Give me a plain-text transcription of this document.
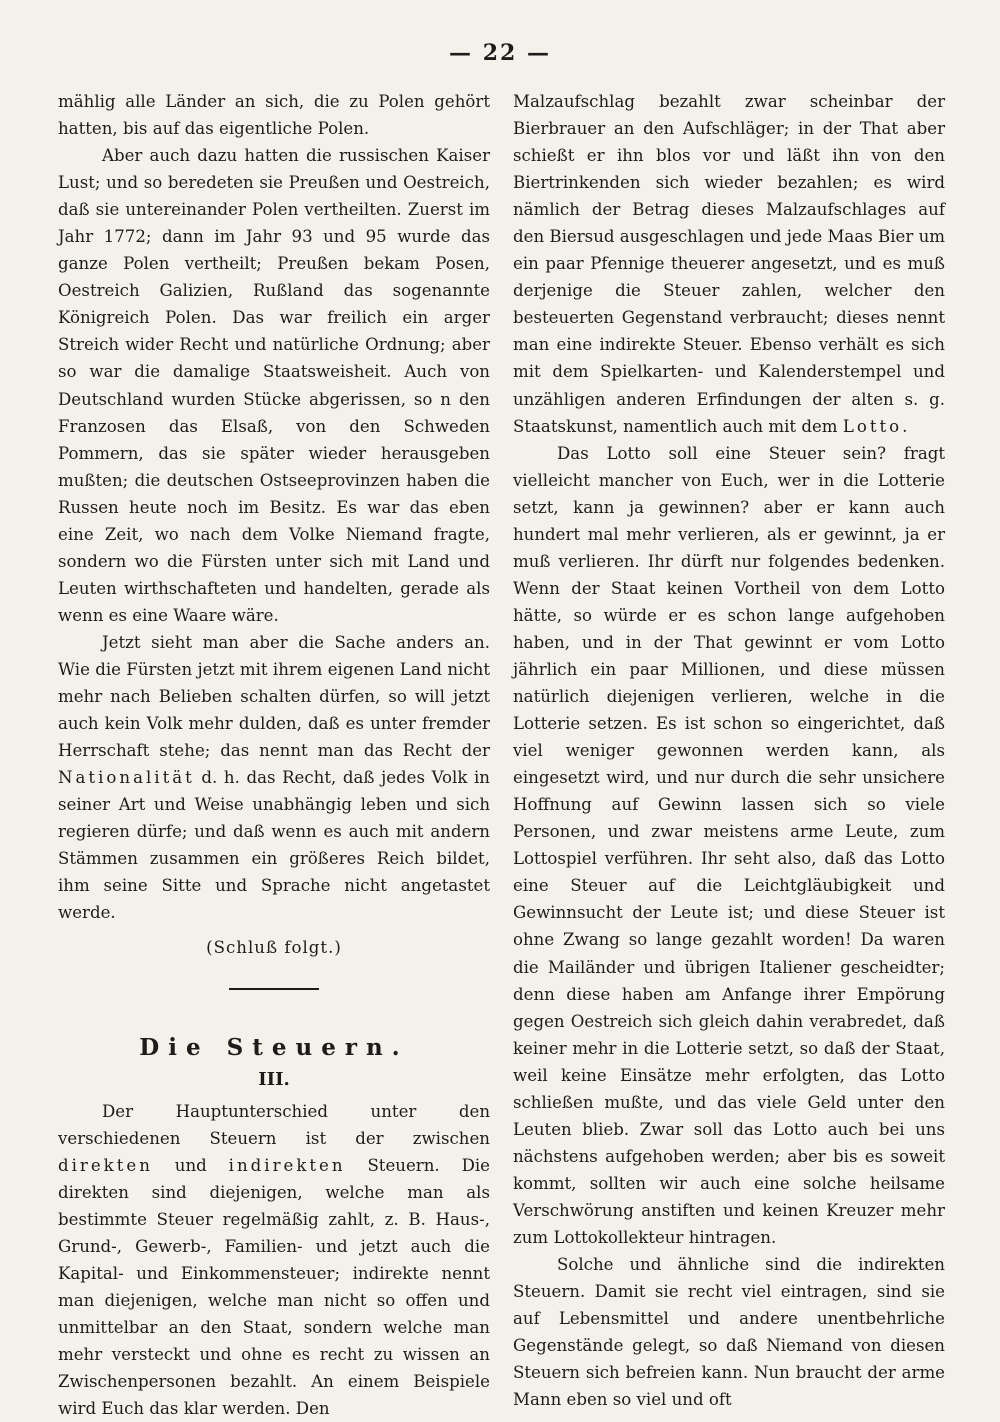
— 22 —

mählig alle Länder an sich, die zu Polen gehört hatten, bis auf das eigentliche Polen.

Aber auch dazu hatten die russischen Kaiser Lust; und so beredeten sie Preußen und Oestreich, daß sie untereinander Polen vertheilten. Zuerst im Jahr 1772; dann im Jahr 93 und 95 wurde das ganze Polen vertheilt; Preußen bekam Posen, Oestreich Galizien, Rußland das sogenannte Königreich Polen. Das war freilich ein arger Streich wider Recht und natürliche Ordnung; aber so war die damalige Staatsweisheit. Auch von Deutschland wurden Stücke abgerissen, so n den Franzosen das Elsaß, von den Schweden Pommern, das sie später wieder herausgeben mußten; die deutschen Ostseeprovinzen haben die Russen heute noch im Besitz. Es war das eben eine Zeit, wo nach dem Volke Niemand fragte, sondern wo die Fürsten unter sich mit Land und Leuten wirthschafteten und handelten, gerade als wenn es eine Waare wäre.

Jetzt sieht man aber die Sache anders an. Wie die Fürsten jetzt mit ihrem eigenen Land nicht mehr nach Belieben schalten dürfen, so will jetzt auch kein Volk mehr dulden, daß es unter fremder Herrschaft stehe; das nennt man das Recht der Nationalität d. h. das Recht, daß jedes Volk in seiner Art und Weise unabhängig leben und sich regieren dürfe; und daß wenn es auch mit andern Stämmen zusammen ein größeres Reich bildet, ihm seine Sitte und Sprache nicht angetastet werde.

(Schluß folgt.)
Die Steuern.
III.

Der Hauptunterschied unter den verschiedenen Steuern ist der zwischen direkten und indirekten Steuern. Die direkten sind diejenigen, welche man als bestimmte Steuer regelmäßig zahlt, z. B. Haus-, Grund-, Gewerb-, Familien- und jetzt auch die Kapital- und Einkommensteuer; indirekte nennt man diejenigen, welche man nicht so offen und unmittelbar an den Staat, sondern welche man mehr versteckt und ohne es recht zu wissen an Zwischenpersonen bezahlt. An einem Beispiele wird Euch das klar werden. Den

Malzaufschlag bezahlt zwar scheinbar der Bierbrauer an den Aufschläger; in der That aber schießt er ihn blos vor und läßt ihn von den Biertrinkenden sich wieder bezahlen; es wird nämlich der Betrag dieses Malzaufschlages auf den Biersud ausgeschlagen und jede Maas Bier um ein paar Pfennige theuerer angesetzt, und es muß derjenige die Steuer zahlen, welcher den besteuerten Gegenstand verbraucht; dieses nennt man eine indirekte Steuer. Ebenso verhält es sich mit dem Spielkarten- und Kalenderstempel und unzähligen anderen Erfindungen der alten s. g. Staatskunst, namentlich auch mit dem Lotto.

Das Lotto soll eine Steuer sein? fragt vielleicht mancher von Euch, wer in die Lotterie setzt, kann ja gewinnen? aber er kann auch hundert mal mehr verlieren, als er gewinnt, ja er muß verlieren. Ihr dürft nur folgendes bedenken. Wenn der Staat keinen Vortheil von dem Lotto hätte, so würde er es schon lange aufgehoben haben, und in der That gewinnt er vom Lotto jährlich ein paar Millionen, und diese müssen natürlich diejenigen verlieren, welche in die Lotterie setzen. Es ist schon so eingerichtet, daß viel weniger gewonnen werden kann, als eingesetzt wird, und nur durch die sehr unsichere Hoffnung auf Gewinn lassen sich so viele Personen, und zwar meistens arme Leute, zum Lottospiel verführen. Ihr seht also, daß das Lotto eine Steuer auf die Leichtgläubigkeit und Gewinnsucht der Leute ist; und diese Steuer ist ohne Zwang so lange gezahlt worden! Da waren die Mailänder und übrigen Italiener gescheidter; denn diese haben am Anfange ihrer Empörung gegen Oestreich sich gleich dahin verabredet, daß keiner mehr in die Lotterie setzt, so daß der Staat, weil keine Einsätze mehr erfolgten, das Lotto schließen mußte, und das viele Geld unter den Leuten blieb. Zwar soll das Lotto auch bei uns nächstens aufgehoben werden; aber bis es soweit kommt, sollten wir auch eine solche heilsame Verschwörung anstiften und keinen Kreuzer mehr zum Lottokollekteur hintragen.

Solche und ähnliche sind die indirekten Steuern. Damit sie recht viel eintragen, sind sie auf Lebensmittel und andere unentbehrliche Gegenstände gelegt, so daß Niemand von diesen Steuern sich befreien kann. Nun braucht der arme Mann eben so viel und oft
